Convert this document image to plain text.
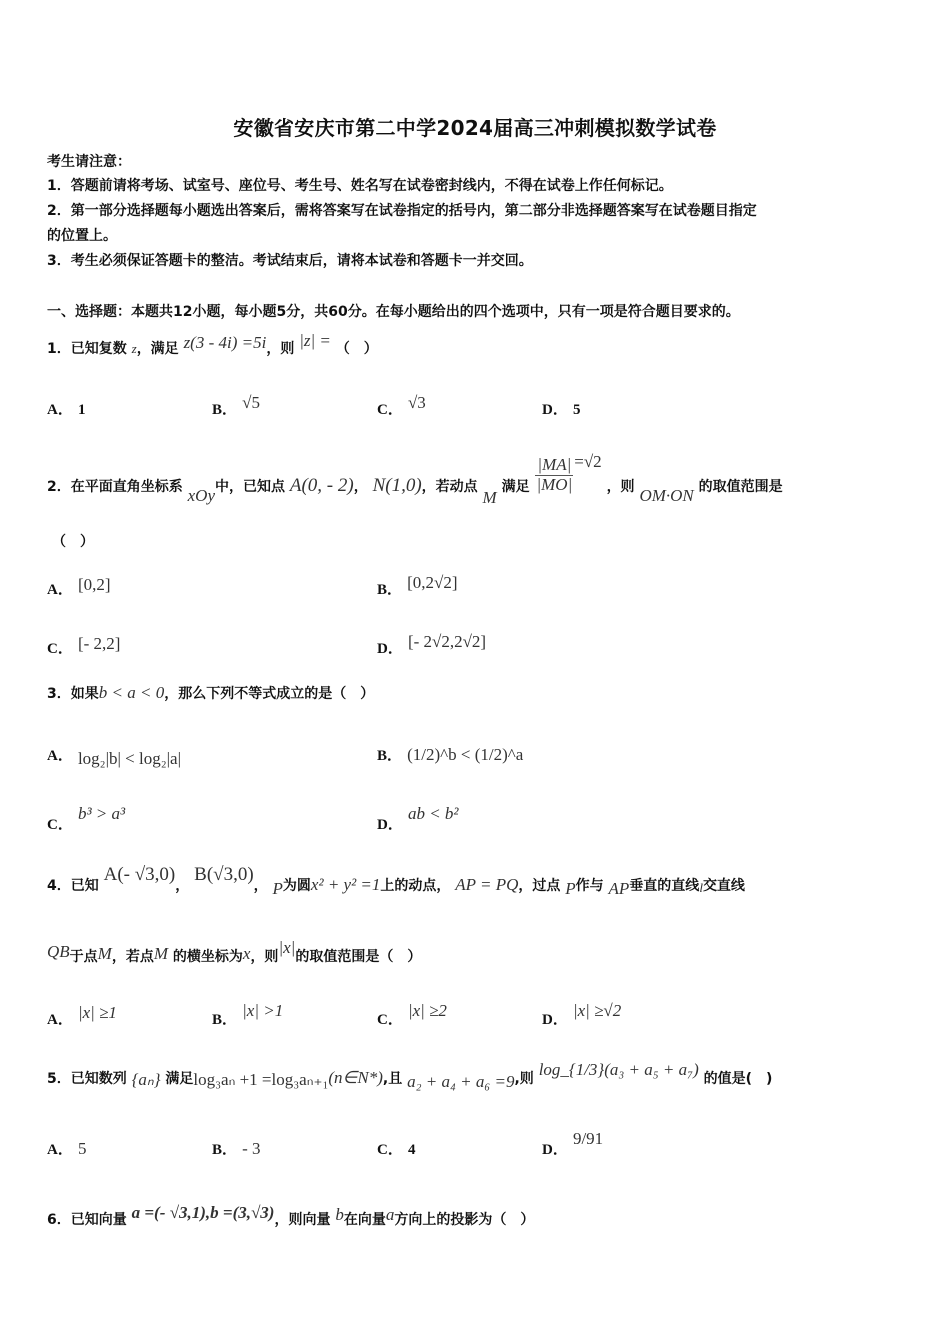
安徽省安庆市第二中学2024届高三冲刺模拟数学试卷
考生请注意：
1．答题前请将考场、试室号、座位号、考生号、姓名写在试卷密封线内，不得在试卷上作任何标记。
2．第一部分选择题每小题选出答案后，需将答案写在试卷指定的括号内，第二部分非选择题答案写在试卷题目指定
的位置上。
3．考生必须保证答题卡的整洁。考试结束后，请将本试卷和答题卡一并交回。
一、选择题：本题共12小题，每小题5分，共60分。在每小题给出的四个选项中，只有一项是符合题目要求的。
1．已知复数 z，满足 z(3 - 4i) =5i，则 |z| = （　）
A． 1	B． √5	C． √3	D． 5
2．在平面直角坐标系 xOy中，已知点 A(0, - 2)， N(1,0)，若动点 M 满足 $\frac{|MA|}{|MO|} =√2$ ，则 OM·ON 的取值范围是
（　）
A． [0,2]	B． [0,2√2]
C． [- 2,2]	D． [- 2√2,2√2]
3．如果b < a < 0，那么下列不等式成立的是（　）
A． log₂|b| < log₂|a|	B． (1/2)^b < (1/2)^a
C． b³ > a³
D． ab < b²
4．已知 A(- √3,0)， B(√3,0)， P为圆x² + y² =1上的动点， AP = PQ，过点 P作与 AP垂直的直线l交直线
QB于点M，若点M 的横坐标为x，则|x|的取值范围是（　）
A． |x| ≥1	B． |x| >1	C． |x| ≥2	D． |x| ≥√2
5．已知数列 {aₙ} 满足log₃aₙ +1 =log₃aₙ₊₁(n∈N*),且 a₂ + a₄ + a₆ =9,则 log_{1/3}(a₃ + a₅ + a₇) 的值是(　)
A． 5	B． - 3	C． 4	D． 9/91
6．已知向量 a =(- √3,1),b =(3,√3)，则向量 b在向量a方向上的投影为（　）
